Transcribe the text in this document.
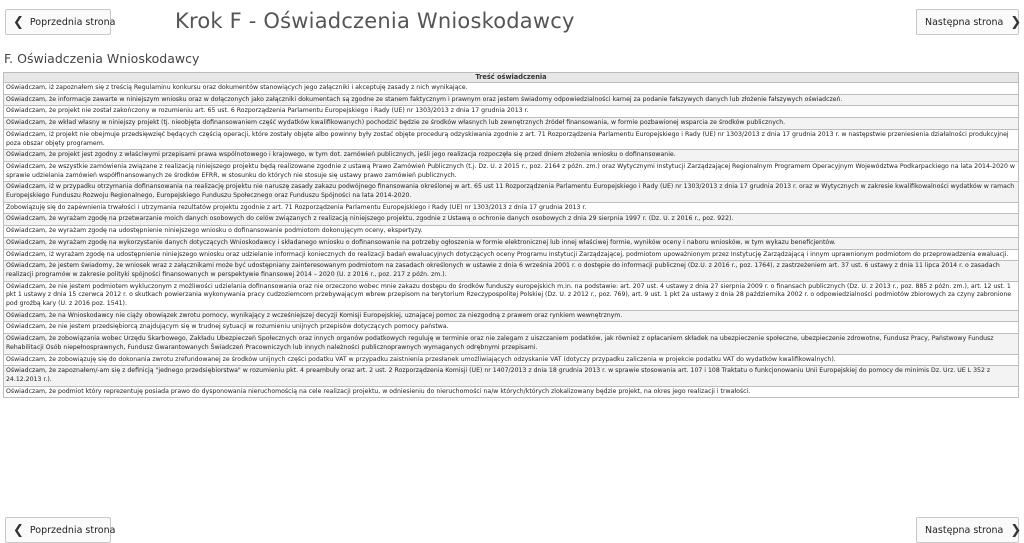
❮ Poprzednia strona	Krok F - Oświadczenia Wnioskodawcy	Następna strona ❯
F. Oświadczenia Wnioskodawcy
Treść oświadczenia
Oświadczam, iż zapoznałem się z treścią Regulaminu konkursu oraz dokumentów stanowiących jego załączniki i akceptuję zasady z nich wynikające.
Oświadczam, że informacje zawarte w niniejszym wniosku oraz w dołączonych jako załączniki dokumentach są zgodne ze stanem faktycznym i prawnym oraz jestem świadomy odpowiedzialności karnej za podanie fałszywych danych lub złożenie fałszywych oświadczeń.
Oświadczam, że projekt nie został zakończony w rozumieniu art. 65 ust. 6 Rozporządzenia Parlamentu Europejskiego i Rady (UE) nr 1303/2013 z dnia 17 grudnia 2013 r.
Oświadczam, że wkład własny w niniejszy projekt (tj. nieobjęta dofinansowaniem część wydatków kwalifikowanych) pochodzić będzie ze środków własnych lub zewnętrznych źródeł finansowania, w formie pozbawionej wsparcia ze środków publicznych.
Oświadczam, iż projekt nie obejmuje przedsięwzięć będących częścią operacji, które zostały objęte albo powinny były zostać objęte procedurą odzyskiwania zgodnie z art. 71 Rozporządzenia Parlamentu Europejskiego i Rady (UE) nr 1303/2013 z dnia 17 grudnia 2013 r. w następstwie przeniesienia działalności produkcyjnej poza obszar objęty programem.
Oświadczam, że projekt jest zgodny z właściwymi przepisami prawa wspólnotowego i krajowego, w tym dot. zamówień publicznych, jeśli jego realizacja rozpoczęła się przed dniem złożenia wniosku o dofinansowanie.
Oświadczam, że wszystkie zamówienia związane z realizacją niniejszego projektu będą realizowane zgodnie z ustawą Prawo Zamówień Publicznych (t.j. Dz. U. z 2015 r., poz. 2164 z późn. zm.) oraz Wytycznymi Instytucji Zarządzającej Regionalnym Programem Operacyjnym Województwa Podkarpackiego na lata 2014-2020 w sprawie udzielania zamówień współfinansowanych ze środków EFRR, w stosunku do których nie stosuje się ustawy prawo zamówień publicznych.
Oświadczam, iż w przypadku otrzymania dofinansowania na realizację projektu nie naruszę zasady zakazu podwójnego finansowania określonej w art. 65 ust 11 Rozporządzenia Parlamentu Europejskiego i Rady (UE) nr 1303/2013 z dnia 17 grudnia 2013 r. oraz w Wytycznych w zakresie kwalifikowalności wydatków w ramach Europejskiego Funduszu Rozwoju Regionalnego, Europejskiego Funduszu Społecznego oraz Funduszu Spójności na lata 2014-2020.
Zobowiązuję się do zapewnienia trwałości i utrzymania rezultatów projektu zgodnie z art. 71 Rozporządzenia Parlamentu Europejskiego i Rady (UE) nr 1303/2013 z dnia 17 grudnia 2013 r.
Oświadczam, że wyrażam zgodę na przetwarzanie moich danych osobowych do celów związanych z realizacją niniejszego projektu, zgodnie z Ustawą o ochronie danych osobowych z dnia 29 sierpnia 1997 r. (Dz. U. z 2016 r., poz. 922).
Oświadczam, że wyrażam zgodę na udostępnienie niniejszego wniosku o dofinansowanie podmiotom dokonującym oceny, ekspertyzy.
Oświadczam, że wyrażam zgodę na wykorzystanie danych dotyczących Wnioskodawcy i składanego wniosku o dofinansowanie na potrzeby ogłoszenia w formie elektronicznej lub innej właściwej formie, wyników oceny i naboru wniosków, w tym wykazu beneficjentów.
Oświadczam, iż wyrażam zgodę na udostępnienie niniejszego wniosku oraz udzielanie informacji koniecznych do realizacji badań ewaluacyjnych dotyczących oceny Programu Instytucji Zarządzającej, podmiotom upoważnionym przez Instytucję Zarządzającą i innym uprawnionym podmiotom do przeprowadzenia ewaluacji.
Oświadczam, że jestem świadomy, że wniosek wraz z załącznikami może być udostępniany zainteresowanym podmiotom na zasadach określonych w ustawie z dnia 6 września 2001 r. o dostępie do informacji publicznej (Dz.U. z 2016 r., poz. 1764), z zastrzeżeniem art. 37 ust. 6 ustawy z dnia 11 lipca 2014 r. o zasadach realizacji programów w zakresie polityki spójności finansowanych w perspektywie finansowej 2014 – 2020 (U. z 2016 r., poz. 217 z późn. zm.).
Oświadczam, że nie jestem podmiotem wykluczonym z możliwości udzielania dofinansowania oraz nie orzeczono wobec mnie zakazu dostępu do środków funduszy europejskich m.in. na podstawie: art. 207 ust. 4 ustawy z dnia 27 sierpnia 2009 r. o finansach publicznych (Dz. U. z 2013 r., poz. 885 z późn. zm.), art. 12 ust. 1 pkt 1 ustawy z dnia 15 czerwca 2012 r. o skutkach powierzania wykonywania pracy cudzoziemcom przebywającym wbrew przepisom na terytorium Rzeczypospolitej Polskiej (Dz. U. z 2012 r., poz. 769), art. 9 ust. 1 pkt 2a ustawy z dnia 28 października 2002 r. o odpowiedzialności podmiotów zbiorowych za czyny zabronione pod groźbą kary (U. z 2016 poz. 1541).
Oświadczam, że na Wnioskodawcy nie ciąży obowiązek zwrotu pomocy, wynikający z wcześniejszej decyzji Komisji Europejskiej, uznającej pomoc za niezgodną z prawem oraz rynkiem wewnętrznym.
Oświadczam, że nie jestem przedsiębiorcą znajdującym się w trudnej sytuacji w rozumieniu unijnych przepisów dotyczących pomocy państwa.
Oświadczam, że zobowiązania wobec Urzędu Skarbowego, Zakładu Ubezpieczeń Społecznych oraz innych organów podatkowych reguluję w terminie oraz nie zalegam z uiszczaniem podatków, jak również z opłacaniem składek na ubezpieczenie społeczne, ubezpieczenie zdrowotne, Fundusz Pracy, Państwowy Fundusz Rehabilitacji Osób niepełnosprawnych, Fundusz Gwarantowanych Świadczeń Pracowniczych lub innych należności publicznoprawnych wymaganych odrębnymi przepisami.
Oświadczam, że zobowiązuję się do dokonania zwrotu zrefundowanej ze środków unijnych części podatku VAT w przypadku zaistnienia przesłanek umożliwiających odzyskanie VAT (dotyczy przypadku zaliczenia w projekcie podatku VAT do wydatków kwalifikowalnych).
Oświadczam, że zapoznałem/-am się z definicją "jednego przedsiębiorstwa" w rozumieniu pkt. 4 preambuły oraz art. 2 ust. 2 Rozporządzenia Komisji (UE) nr 1407/2013 z dnia 18 grudnia 2013 r. w sprawie stosowania art. 107 i 108 Traktatu o funkcjonowaniu Unii Europejskiej do pomocy de minimis Dz. Urz. UE L 352 z 24.12.2013 r.).
Oświadczam, że podmiot który reprezentuję posiada prawo do dysponowania nieruchomością na cele realizacji projektu, w odniesieniu do nieruchomości na/w których/których zlokalizowany będzie projekt, na okres jego realizacji i trwałości.
❮ Poprzednia strona	Następna strona ❯
